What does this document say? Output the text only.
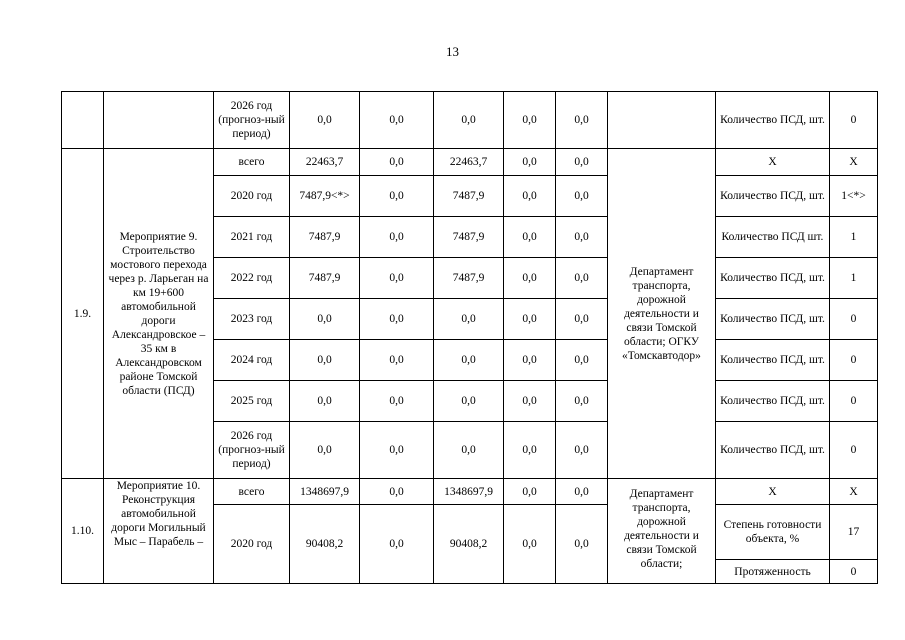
13
		2026 год (прогноз-ный период)	0,0	0,0	0,0	0,0	0,0		Количество ПСД, шт.	0
1.9.	Мероприятие 9. Строительство мостового перехода через р. Ларьеган на км 19+600 автомобильной дороги Александровское – 35 км в Александровском районе Томской области (ПСД)	всего	22463,7	0,0	22463,7	0,0	0,0	Департамент транспорта, дорожной деятельности и связи Томской области; ОГКУ «Томскавтодор»	Х	Х
		2020 год	7487,9<*>	0,0	7487,9	0,0	0,0		Количество ПСД, шт.	1<*>
		2021 год	7487,9	0,0	7487,9	0,0	0,0		Количество ПСД шт.	1
		2022 год	7487,9	0,0	7487,9	0,0	0,0		Количество ПСД, шт.	1
		2023 год	0,0	0,0	0,0	0,0	0,0		Количество ПСД, шт.	0
		2024 год	0,0	0,0	0,0	0,0	0,0		Количество ПСД, шт.	0
		2025 год	0,0	0,0	0,0	0,0	0,0		Количество ПСД, шт.	0
		2026 год (прогноз-ный период)	0,0	0,0	0,0	0,0	0,0		Количество ПСД, шт.	0
1.10.	Мероприятие 10. Реконструкция автомобильной дороги Могильный Мыс – Парабель –	всего	1348697,9	0,0	1348697,9	0,0	0,0	Департамент транспорта, дорожной деятельности и связи Томской области;	Х	Х
		2020 год	90408,2	0,0	90408,2	0,0	0,0		Степень готовности объекта, %	17
									Протяженность	0
